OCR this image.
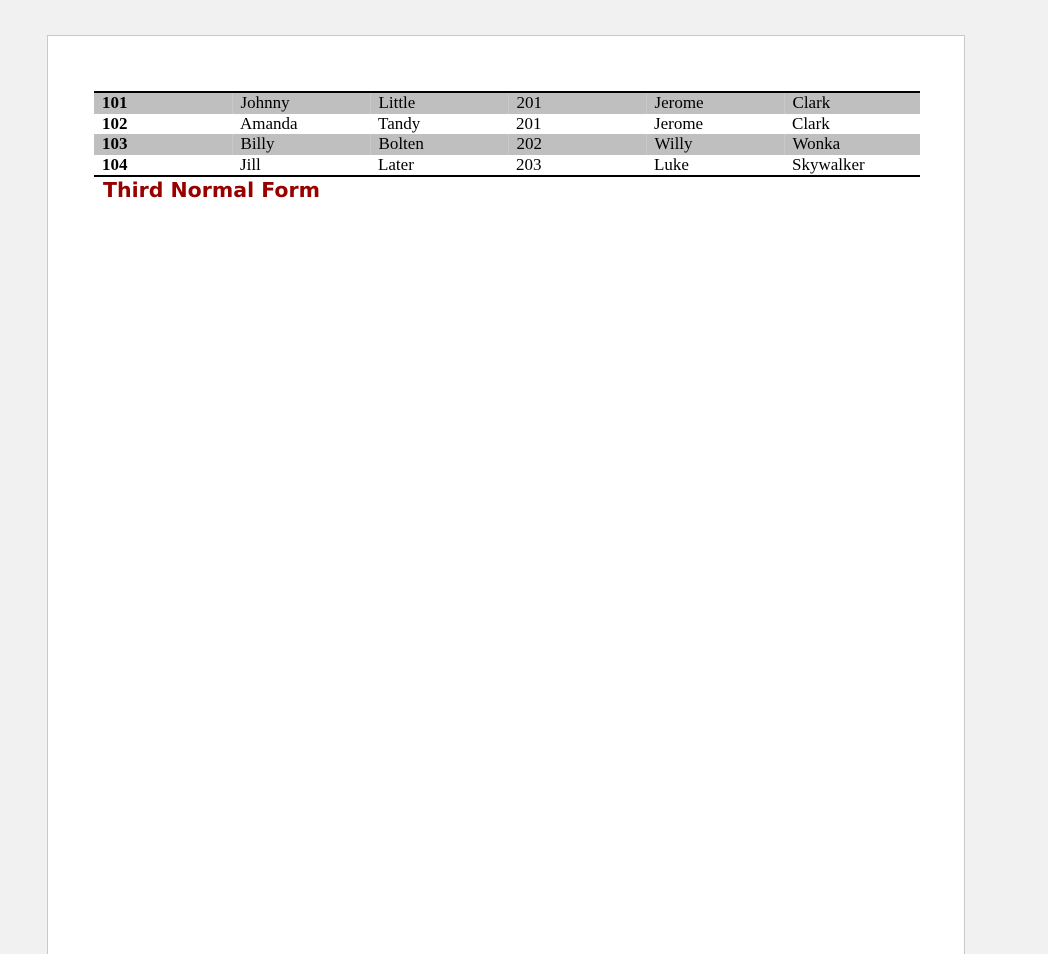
101	Johnny	Little	201	Jerome	Clark
102	Amanda	Tandy	201	Jerome	Clark
103	Billy	Bolten	202	Willy	Wonka
104	Jill	Later	203	Luke	Skywalker
Third Normal Form
